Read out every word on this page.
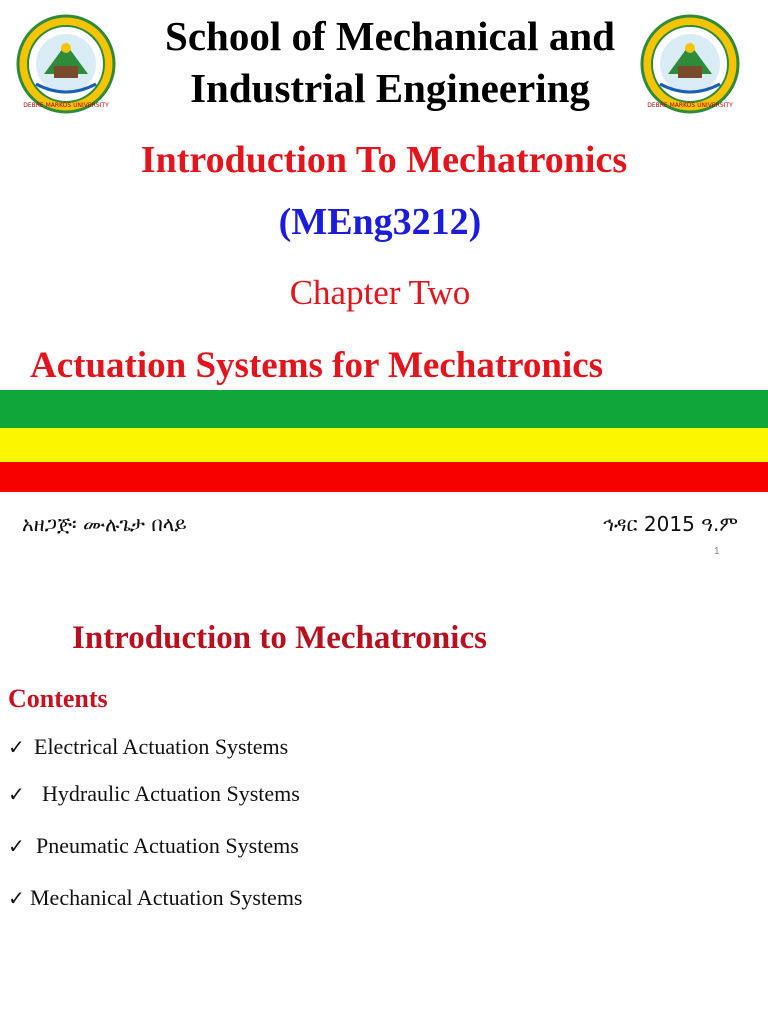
DEBRE MARKOS UNIVERSITY	DEBRE MARKOS UNIVERSITY
School of Mechanical and
Industrial Engineering
Introduction To Mechatronics
(MEng3212)
Chapter Two
Actuation Systems for Mechatronics
አዘጋጅ፡ ሙሉጌታ በላይ	ኅዳር 2015 ዓ.ም
1
Introduction to Mechatronics
Contents
✓ Electrical Actuation Systems
✓ Hydraulic Actuation Systems
✓ Pneumatic Actuation Systems
✓ Mechanical Actuation Systems
